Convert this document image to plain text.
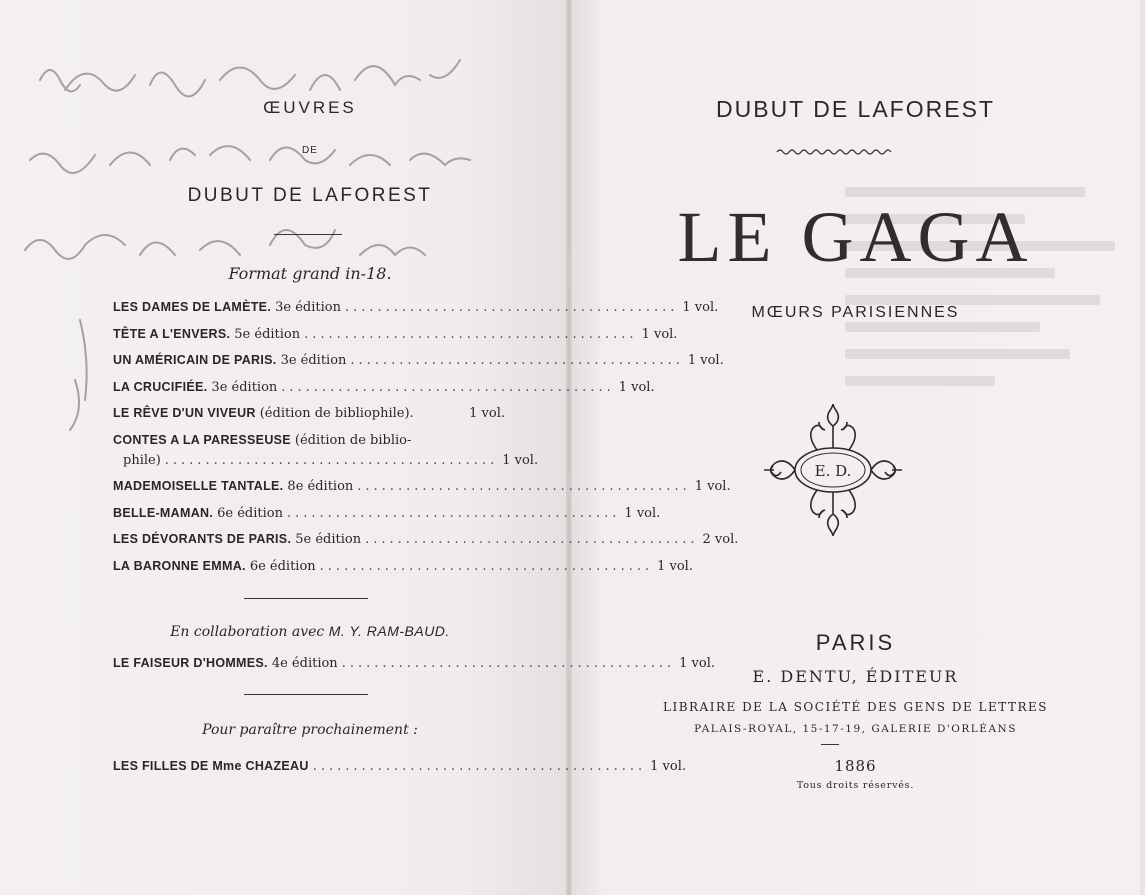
ŒUVRES
DE
DUBUT DE LAFOREST
Format grand in-18.
LES DAMES DE LAMÈTE. 3e édition ......................................... 1 vol.
TÊTE A L'ENVERS. 5e édition ......................................... 1 vol.
UN AMÉRICAIN DE PARIS. 3e édition ......................................... 1 vol.
LA CRUCIFIÉE. 3e édition ......................................... 1 vol.
LE RÊVE D'UN VIVEUR (édition de bibliophile).	1 vol.
CONTES A LA PARESSEUSE (édition de biblio-
phile) ......................................... 1 vol.
MADEMOISELLE TANTALE. 8e édition ......................................... 1 vol.
BELLE-MAMAN. 6e édition ......................................... 1 vol.
LES DÉVORANTS DE PARIS. 5e édition ......................................... 2 vol.
LA BARONNE EMMA. 6e édition ......................................... 1 vol.
En collaboration avec M. Y. RAM-BAUD.
LE FAISEUR D'HOMMES. 4e édition ......................................... 1 vol.
Pour paraître prochainement :
LES FILLES DE Mme CHAZEAU ......................................... 1 vol.
DUBUT DE LAFOREST
LE GAGA
MŒURS PARISIENNES
E. D.
PARIS
E. DENTU, ÉDITEUR
LIBRAIRE DE LA SOCIÉTÉ DES GENS DE LETTRES
PALAIS-ROYAL, 15-17-19, GALERIE D'ORLÉANS
1886
Tous droits réservés.
